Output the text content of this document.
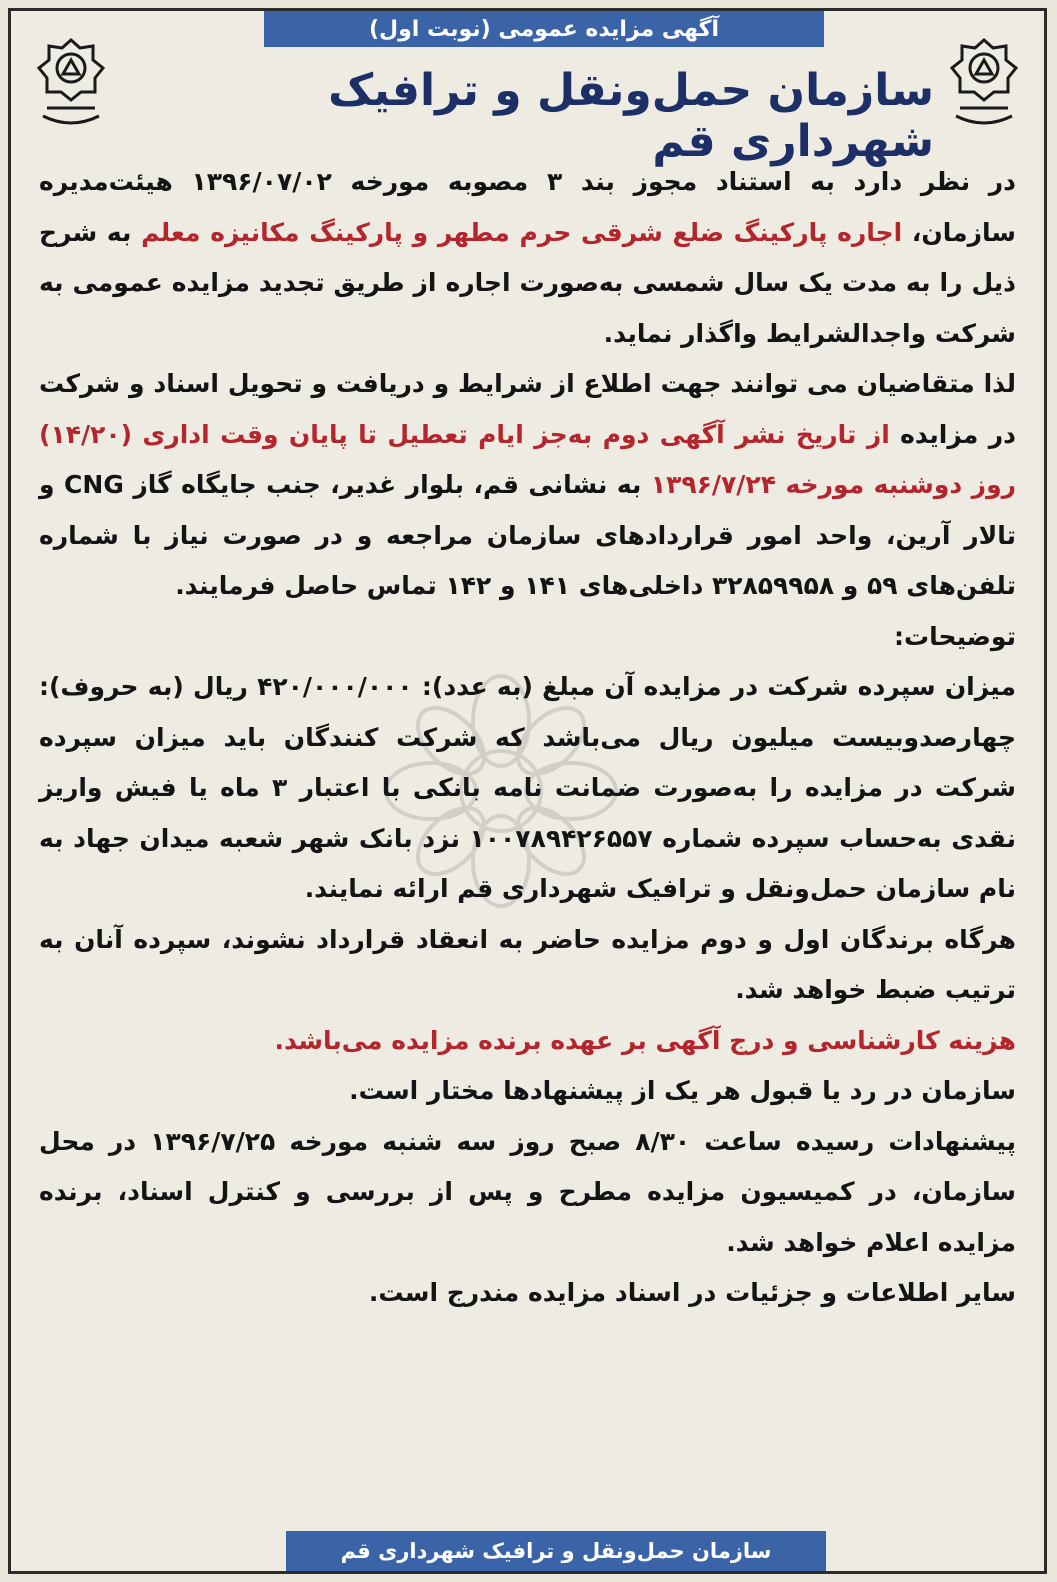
آگهی مزایده عمومی (نوبت اول)
سازمان حمل‌ونقل و ترافیک شهرداری قم

در نظر دارد به استناد مجوز بند ۳ مصوبه مورخه ۱۳۹۶/۰۷/۰۲ هیئت‌مدیره سازمان، اجاره پارکینگ ضلع شرقی حرم مطهر و پارکینگ مکانیزه معلم به شرح ذیل را به مدت یک سال شمسی به‌صورت اجاره از طریق تجدید مزایده عمومی به شرکت واجدالشرایط واگذار نماید.

لذا متقاضیان می توانند جهت اطلاع از شرایط و دریافت و تحویل اسناد و شرکت در مزایده از تاریخ نشر آگهی دوم به‌جز ایام تعطیل تا پایان وقت اداری (۱۴/۲۰) روز دوشنبه مورخه ۱۳۹۶/۷/۲۴ به نشانی قم، بلوار غدیر، جنب جایگاه گاز CNG و تالار آرین، واحد امور قراردادهای سازمان مراجعه و در صورت نیاز با شماره تلفن‌های ۵۹ و ۳۲۸۵۹۹۵۸ داخلی‌های ۱۴۱ و ۱۴۲ تماس حاصل فرمایند.

توضیحات:

میزان سپرده شرکت در مزایده آن مبلغ (به عدد): ۴۲۰/۰۰۰/۰۰۰ ریال (به حروف): چهارصدوبیست میلیون ریال می‌باشد که شرکت کنندگان باید میزان سپرده شرکت در مزایده را به‌صورت ضمانت نامه بانکی با اعتبار ۳ ماه یا فیش واریز نقدی به‌حساب سپرده شماره ۱۰۰۷۸۹۴۲۶۵۵۷ نزد بانک شهر شعبه میدان جهاد به نام سازمان حمل‌ونقل و ترافیک شهرداری قم ارائه نمایند.

هرگاه برندگان اول و دوم مزایده حاضر به انعقاد قرارداد نشوند، سپرده آنان به ترتیب ضبط خواهد شد.

هزینه کارشناسی و درج آگهی بر عهده برنده مزایده می‌باشد.

سازمان در رد یا قبول هر یک از پیشنهادها مختار است.

پیشنهادات رسیده ساعت ۸/۳۰ صبح روز سه شنبه مورخه ۱۳۹۶/۷/۲۵ در محل سازمان، در کمیسیون مزایده مطرح و پس از بررسی و کنترل اسناد، برنده مزایده اعلام خواهد شد.

سایر اطلاعات و جزئیات در اسناد مزایده مندرج است.

سازمان حمل‌ونقل و ترافیک شهرداری قم
